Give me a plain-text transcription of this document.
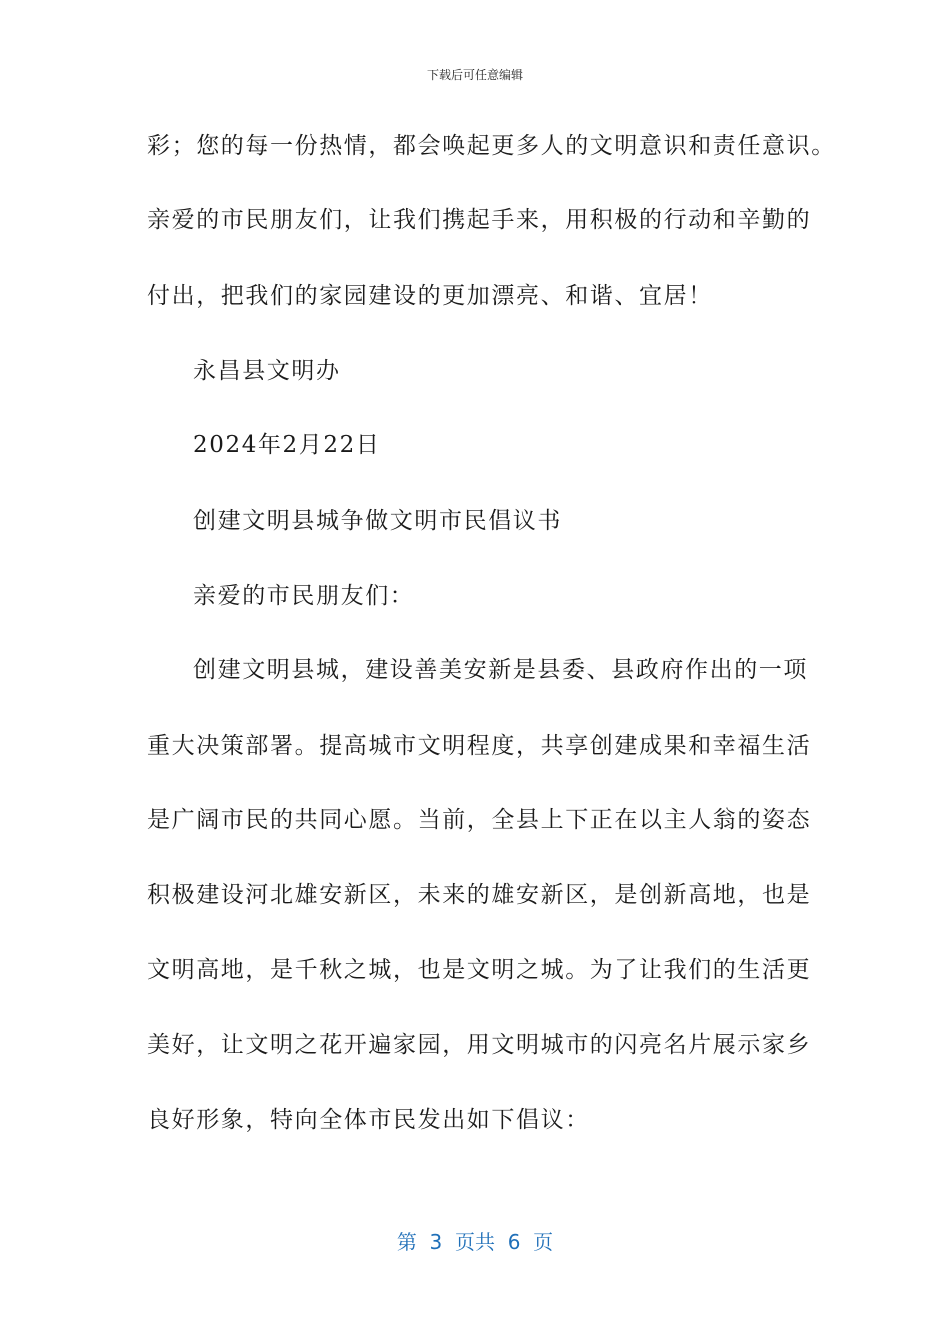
下载后可任意编辑
彩；您的每一份热情，都会唤起更多人的文明意识和责任意识。
亲爱的市民朋友们，让我们携起手来，用积极的行动和辛勤的
付出，把我们的家园建设的更加漂亮、和谐、宜居！
永昌县文明办
2024年2月22日
创建文明县城争做文明市民倡议书
亲爱的市民朋友们：
创建文明县城，建设善美安新是县委、县政府作出的一项
重大决策部署。提高城市文明程度，共享创建成果和幸福生活
是广阔市民的共同心愿。当前，全县上下正在以主人翁的姿态
积极建设河北雄安新区，未来的雄安新区，是创新高地，也是
文明高地，是千秋之城，也是文明之城。为了让我们的生活更
美好，让文明之花开遍家园，用文明城市的闪亮名片展示家乡
良好形象，特向全体市民发出如下倡议：
第  3  页共  6  页
